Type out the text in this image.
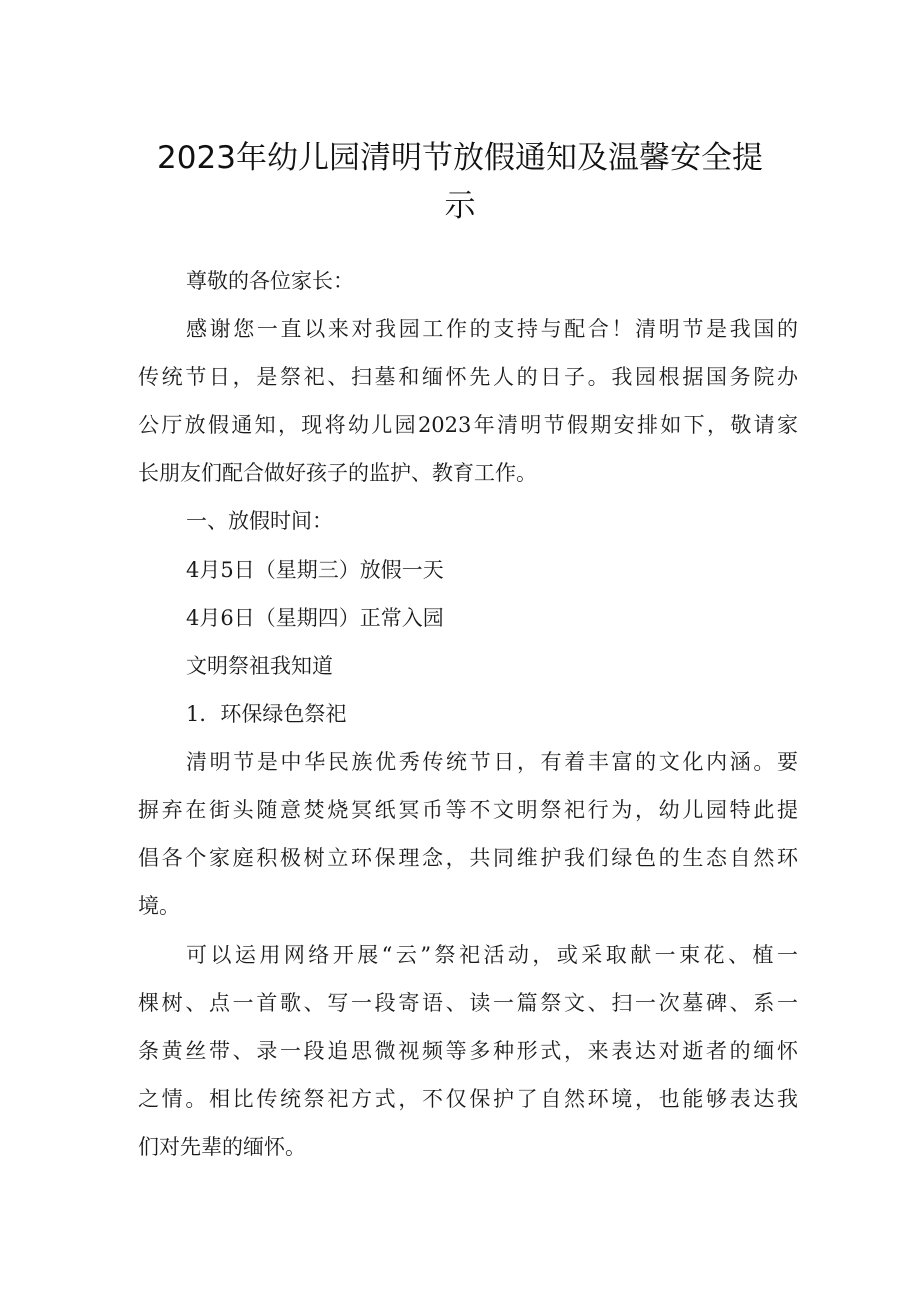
2023年幼儿园清明节放假通知及温馨安全提
示
尊敬的各位家长：
感谢您一直以来对我园工作的支持与配合！清明节是我国的
传统节日，是祭祀、扫墓和缅怀先人的日子。我园根据国务院办
公厅放假通知，现将幼儿园2023年清明节假期安排如下，敬请家
长朋友们配合做好孩子的监护、教育工作。
一、放假时间：
4月5日（星期三）放假一天
4月6日（星期四）正常入园
文明祭祖我知道
1．环保绿色祭祀
清明节是中华民族优秀传统节日，有着丰富的文化内涵。要
摒弃在街头随意焚烧冥纸冥币等不文明祭祀行为，幼儿园特此提
倡各个家庭积极树立环保理念，共同维护我们绿色的生态自然环
境。
可以运用网络开展“云”祭祀活动，或采取献一束花、植一
棵树、点一首歌、写一段寄语、读一篇祭文、扫一次墓碑、系一
条黄丝带、录一段追思微视频等多种形式，来表达对逝者的缅怀
之情。相比传统祭祀方式，不仅保护了自然环境，也能够表达我
们对先辈的缅怀。
